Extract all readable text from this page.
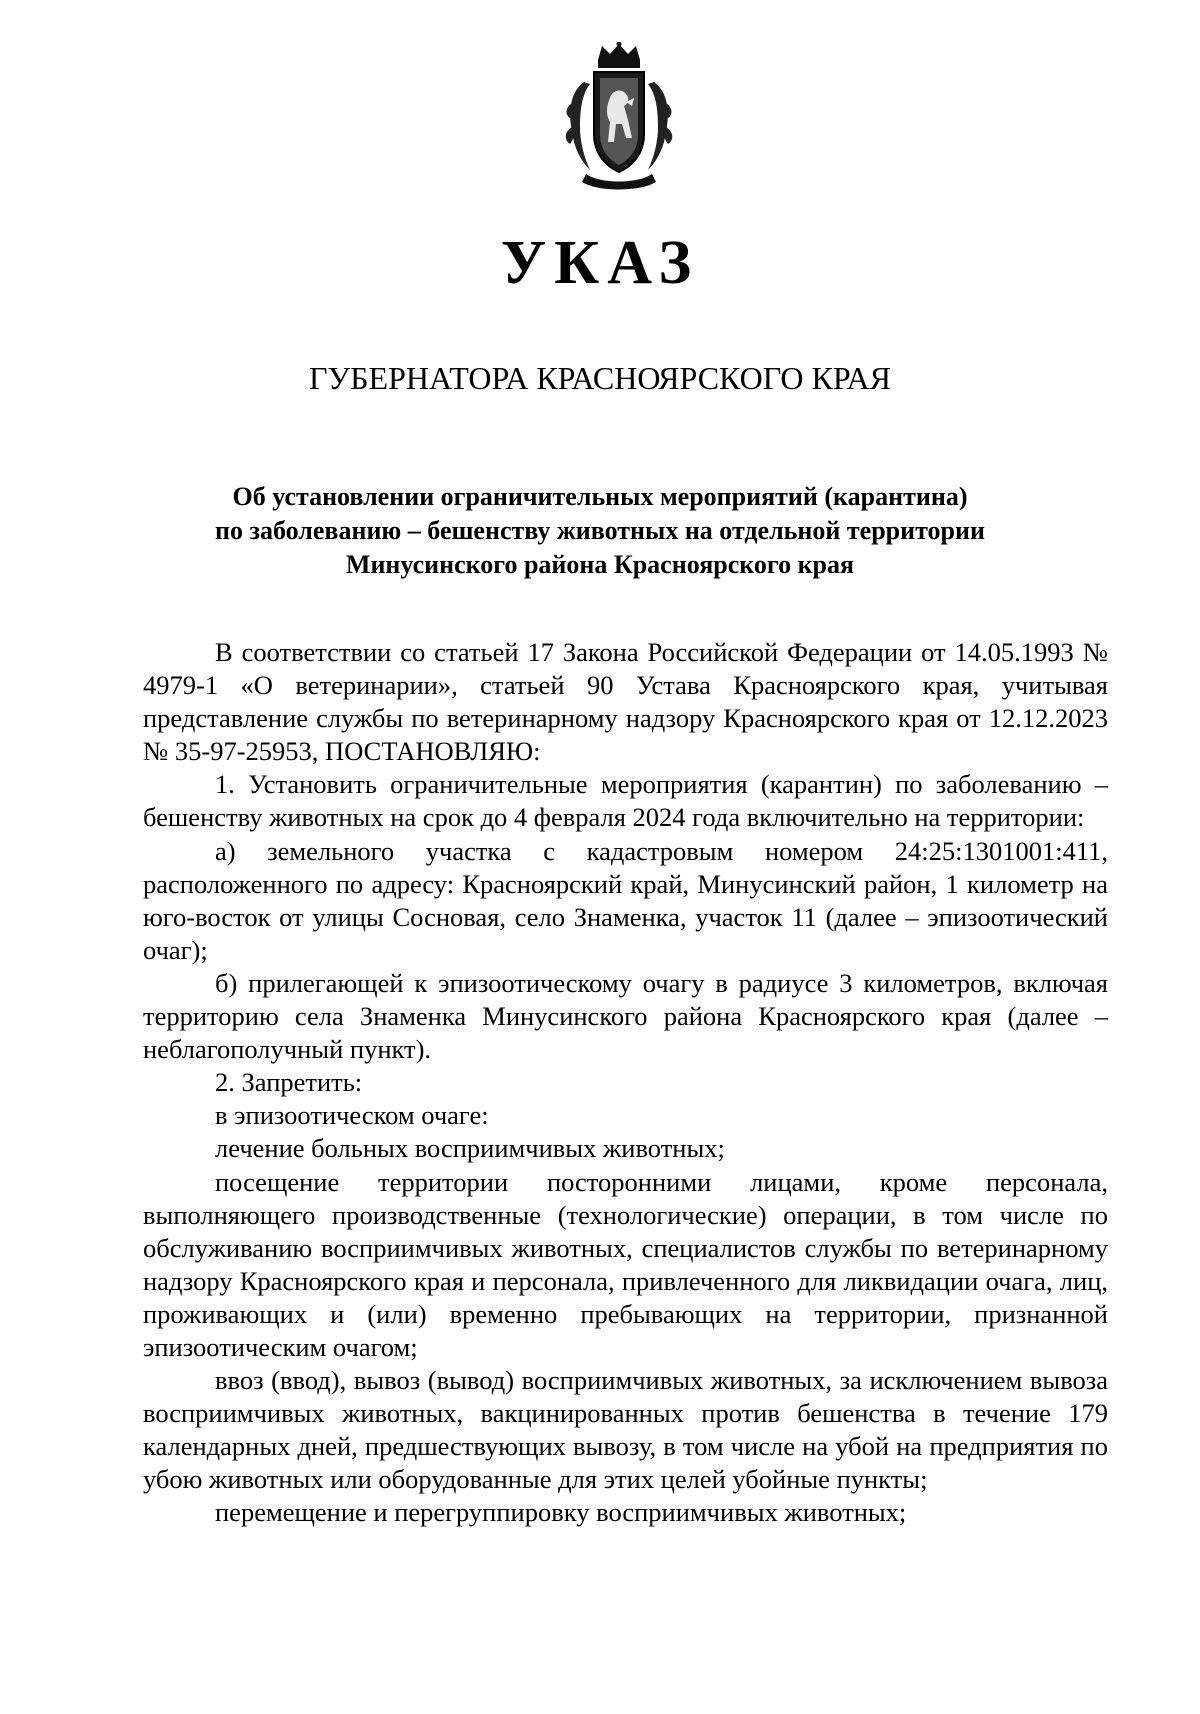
УКАЗ
ГУБЕРНАТОРА КРАСНОЯРСКОГО КРАЯ
Об установлении ограничительных мероприятий (карантина)
по заболеванию – бешенству животных на отдельной территории
Минусинского района Красноярского края

В соответствии со статьей 17 Закона Российской Федерации от 14.05.1993 № 4979-1 «О ветеринарии», статьей 90 Устава Красноярского края, учитывая представление службы по ветеринарному надзору Красноярского края от 12.12.2023 № 35-97-25953, ПОСТАНОВЛЯЮ:

1. Установить ограничительные мероприятия (карантин) по заболеванию – бешенству животных на срок до 4 февраля 2024 года включительно на территории:

а) земельного участка с кадастровым номером 24:25:1301001:411, расположенного по адресу: Красноярский край, Минусинский район, 1 километр на юго-восток от улицы Сосновая, село Знаменка, участок 11 (далее – эпизоотический очаг);

б) прилегающей к эпизоотическому очагу в радиусе 3 километров, включая территорию села Знаменка Минусинского района Красноярского края (далее – неблагополучный пункт).

2. Запретить:

в эпизоотическом очаге:

лечение больных восприимчивых животных;

посещение территории посторонними лицами, кроме персонала, выполняющего производственные (технологические) операции, в том числе по обслуживанию восприимчивых животных, специалистов службы по ветеринарному надзору Красноярского края и персонала, привлеченного для ликвидации очага, лиц, проживающих и (или) временно пребывающих на территории, признанной эпизоотическим очагом;

ввоз (ввод), вывоз (вывод) восприимчивых животных, за исключением вывоза восприимчивых животных, вакцинированных против бешенства в течение 179 календарных дней, предшествующих вывозу, в том числе на убой на предприятия по убою животных или оборудованные для этих целей убойные пункты;

перемещение и перегруппировку восприимчивых животных;
